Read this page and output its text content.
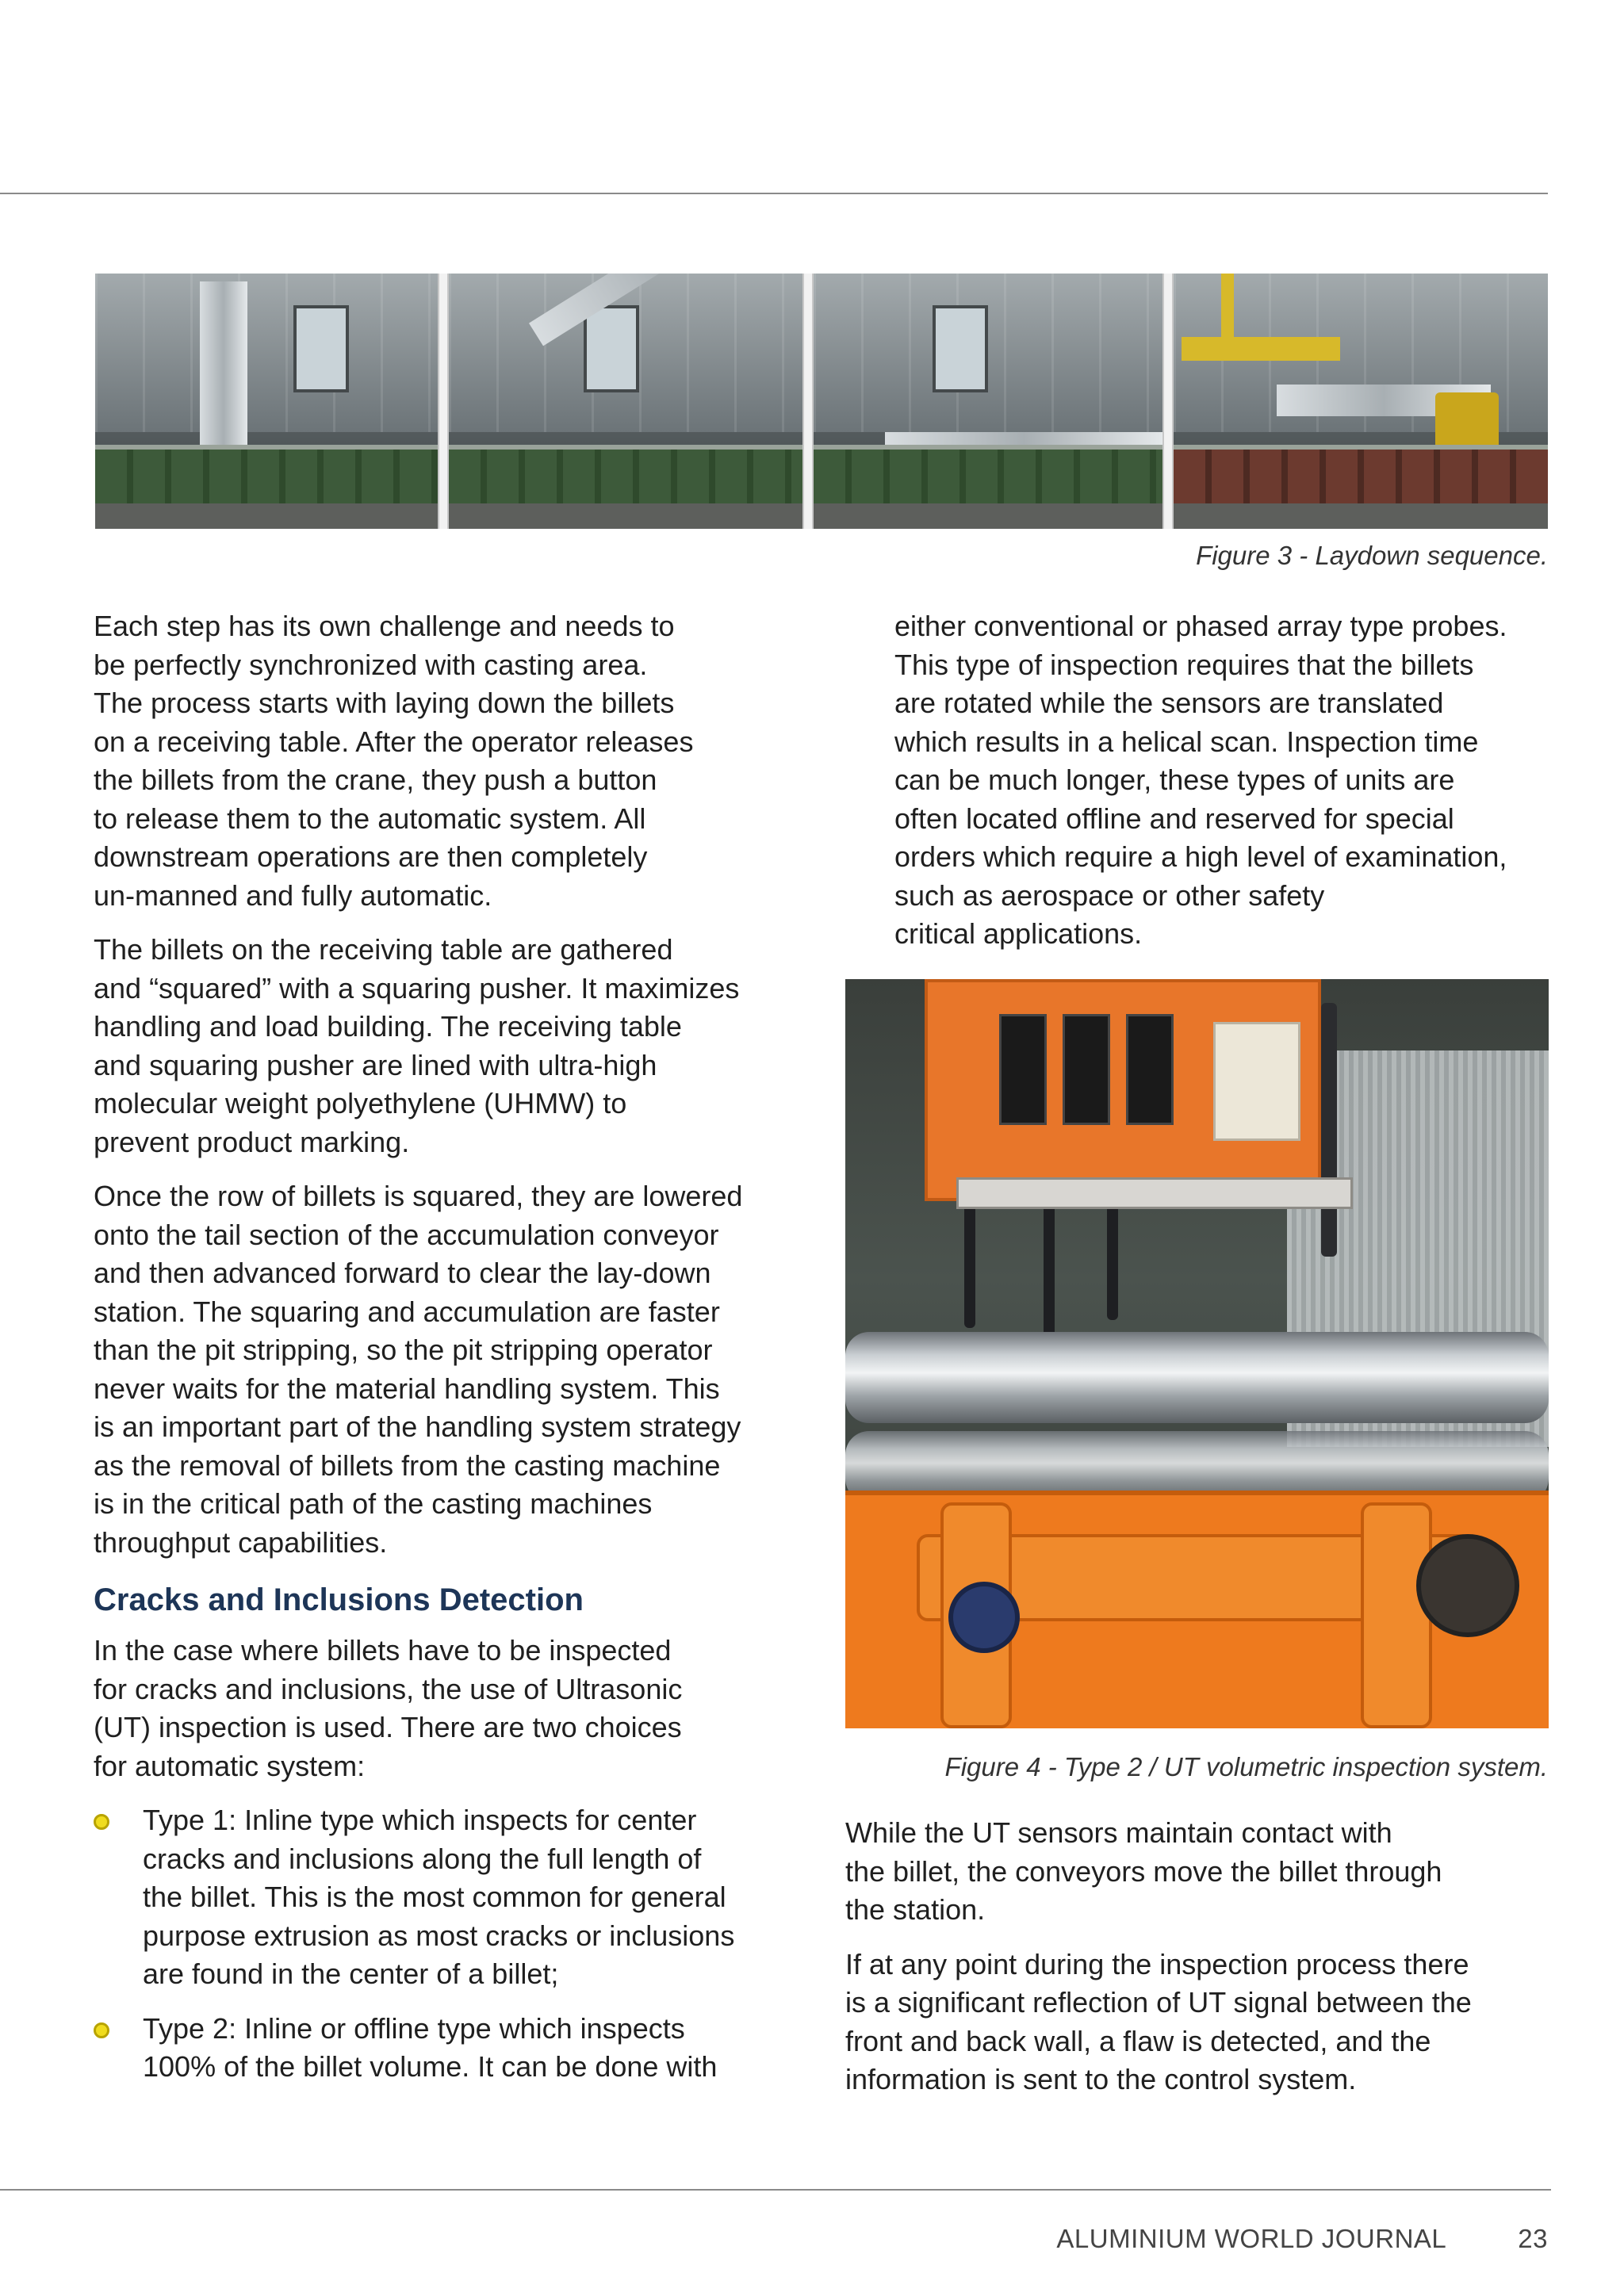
Figure 3 - Laydown sequence.

Each step has its own challenge and needs to
be perfectly synchronized with casting area.
The process starts with laying down the billets
on a receiving table. After the operator releases
the billets from the crane, they push a button
to release them to the automatic system. All
downstream operations are then completely
un-manned and fully automatic.

The billets on the receiving table are gathered
and “squared” with a squaring pusher. It maximizes
handling and load building. The receiving table
and squaring pusher are lined with ultra-high
molecular weight polyethylene (UHMW) to
prevent product marking.

Once the row of billets is squared, they are lowered
onto the tail section of the accumulation conveyor
and then advanced forward to clear the lay-down
station. The squaring and accumulation are faster
than the pit stripping, so the pit stripping operator
never waits for the material handling system. This
is an important part of the handling system strategy
as the removal of billets from the casting machine
is in the critical path of the casting machines
throughput capabilities.

Cracks and Inclusions Detection

In the case where billets have to be inspected
for cracks and inclusions, the use of Ultrasonic
(UT) inspection is used. There are two choices
for automatic system:

Type 1: Inline type which inspects for center
cracks and inclusions along the full length of
the billet. This is the most common for general
purpose extrusion as most cracks or inclusions
are found in the center of a billet;
Type 2: Inline or offline type which inspects
100% of the billet volume. It can be done with

either conventional or phased array type probes.
This type of inspection requires that the billets
are rotated while the sensors are translated
which results in a helical scan. Inspection time
can be much longer, these types of units are
often located offline and reserved for special
orders which require a high level of examination,
such as aerospace or other safety
critical applications.

Figure 4 - Type 2 / UT volumetric inspection system.

While the UT sensors maintain contact with
the billet, the conveyors move the billet through
the station.

If at any point during the inspection process there
is a significant reflection of UT signal between the
front and back wall, a flaw is detected, and the
information is sent to the control system.

ALUMINIUM WORLD JOURNAL	23
